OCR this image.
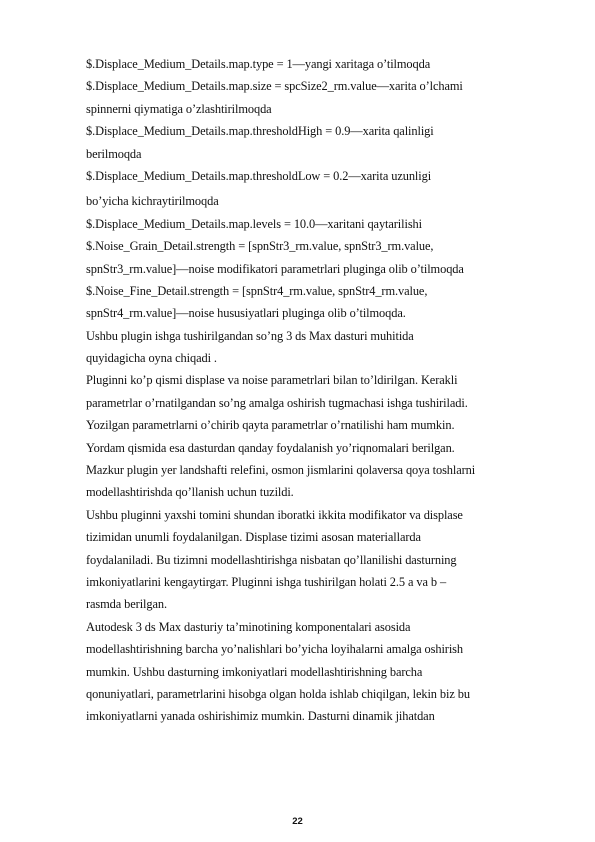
$.Displace_Medium_Details.map.type = 1—yangi xaritaga o’tilmoqda
$.Displace_Medium_Details.map.size = spcSize2_rm.value—xarita o’lchami
spinnerni qiymatiga o’zlashtirilmoqda
$.Displace_Medium_Details.map.thresholdHigh = 0.9—xarita qalinligi
berilmoqda
$.Displace_Medium_Details.map.thresholdLow = 0.2—xarita uzunligi
bo’yicha kichraytirilmoqda
$.Displace_Medium_Details.map.levels = 10.0—xaritani qaytarilishi
$.Noise_Grain_Detail.strength = [spnStr3_rm.value, spnStr3_rm.value,
spnStr3_rm.value]—noise modifikatori parametrlari pluginga olib o’tilmoqda
$.Noise_Fine_Detail.strength = [spnStr4_rm.value, spnStr4_rm.value,
spnStr4_rm.value]—noise hususiyatlari pluginga olib o’tilmoqda.
Ushbu plugin ishga tushirilgandan so’ng 3 ds Max dasturi muhitida
quyidagicha oyna chiqadi .
Pluginni ko’p qismi displase va noise parametrlari bilan to’ldirilgan. Kerakli
parametrlar o’rnatilgandan so’ng amalga oshirish tugmachasi ishga tushiriladi.
Yozilgan parametrlarni o’chirib qayta parametrlar o’rnatilishi ham mumkin.
Yordam qismida esa dasturdan qanday foydalanish yo’riqnomalari berilgan.
Mazkur plugin yer landshafti relefini, osmon jismlarini qolaversa qoya toshlarni
modellashtirishda qo’llanish uchun tuzildi.
Ushbu pluginni yaxshi tomini shundan iboratki ikkita modifikator va displase
tizimidan unumli foydalanilgan. Displase tizimi asosan materiallarda
foydalaniladi. Bu tizimni modellashtirishga nisbatan qo’llanilishi dasturning
imkoniyatlarini kengaytirgaт. Pluginni ishga tushirilgan holati 2.5 a va b –
rasmda berilgan.
Autodesk 3 ds Max dasturiy ta’minotining komponentalari asosida
modellashtirishning barcha yo’nalishlari bo’yicha loyihalarni amalga oshirish
mumkin. Ushbu dasturning imkoniyatlari modellashtirishning barcha
qonuniyatlari, parametrlarini hisobga olgan holda ishlab chiqilgan, lekin biz bu
imkoniyatlarni yanada oshirishimiz mumkin. Dasturni dinamik jihatdan
22
